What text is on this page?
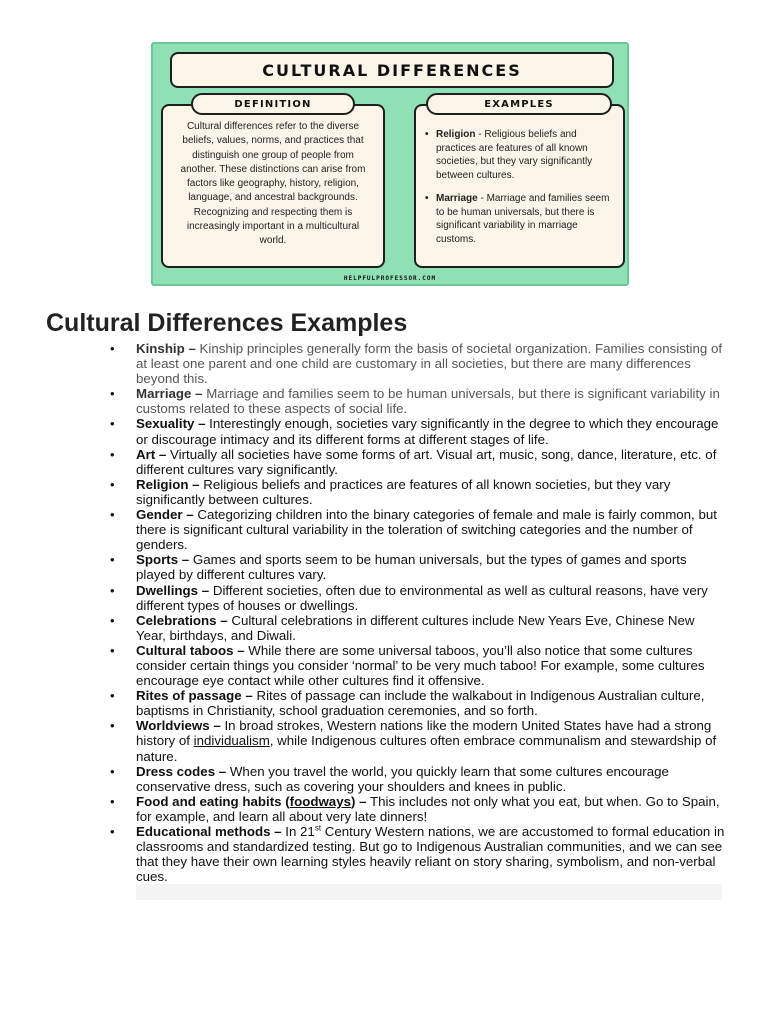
CULTURAL DIFFERENCES
DEFINITION
Cultural differences refer to the diverse beliefs, values, norms, and practices that distinguish one group of people from another. These distinctions can arise from factors like geography, history, religion, language, and ancestral backgrounds. Recognizing and respecting them is increasingly important in a multicultural world.
EXAMPLES
• Religion - Religious beliefs and practices are features of all known societies, but they vary significantly between cultures.
• Marriage - Marriage and families seem to be human universals, but there is significant variability in marriage customs.
HELPFULPROFESSOR.COM
Cultural Differences Examples
• Kinship – Kinship principles generally form the basis of societal organization. Families consisting of at least one parent and one child are customary in all societies, but there are many differences beyond this.
• Marriage – Marriage and families seem to be human universals, but there is significant variability in customs related to these aspects of social life.
• Sexuality – Interestingly enough, societies vary significantly in the degree to which they encourage or discourage intimacy and its different forms at different stages of life.
• Art – Virtually all societies have some forms of art. Visual art, music, song, dance, literature, etc. of different cultures vary significantly.
• Religion – Religious beliefs and practices are features of all known societies, but they vary significantly between cultures.
• Gender – Categorizing children into the binary categories of female and male is fairly common, but there is significant cultural variability in the toleration of switching categories and the number of genders.
• Sports – Games and sports seem to be human universals, but the types of games and sports played by different cultures vary.
• Dwellings – Different societies, often due to environmental as well as cultural reasons, have very different types of houses or dwellings.
• Celebrations – Cultural celebrations in different cultures include New Years Eve, Chinese New Year, birthdays, and Diwali.
• Cultural taboos – While there are some universal taboos, you’ll also notice that some cultures consider certain things you consider ‘normal’ to be very much taboo! For example, some cultures encourage eye contact while other cultures find it offensive.
• Rites of passage – Rites of passage can include the walkabout in Indigenous Australian culture, baptisms in Christianity, school graduation ceremonies, and so forth.
• Worldviews – In broad strokes, Western nations like the modern United States have had a strong history of individualism, while Indigenous cultures often embrace communalism and stewardship of nature.
• Dress codes – When you travel the world, you quickly learn that some cultures encourage conservative dress, such as covering your shoulders and knees in public.
• Food and eating habits (foodways) – This includes not only what you eat, but when. Go to Spain, for example, and learn all about very late dinners!
• Educational methods – In 21st Century Western nations, we are accustomed to formal education in classrooms and standardized testing. But go to Indigenous Australian communities, and we can see that they have their own learning styles heavily reliant on story sharing, symbolism, and non-verbal cues.
